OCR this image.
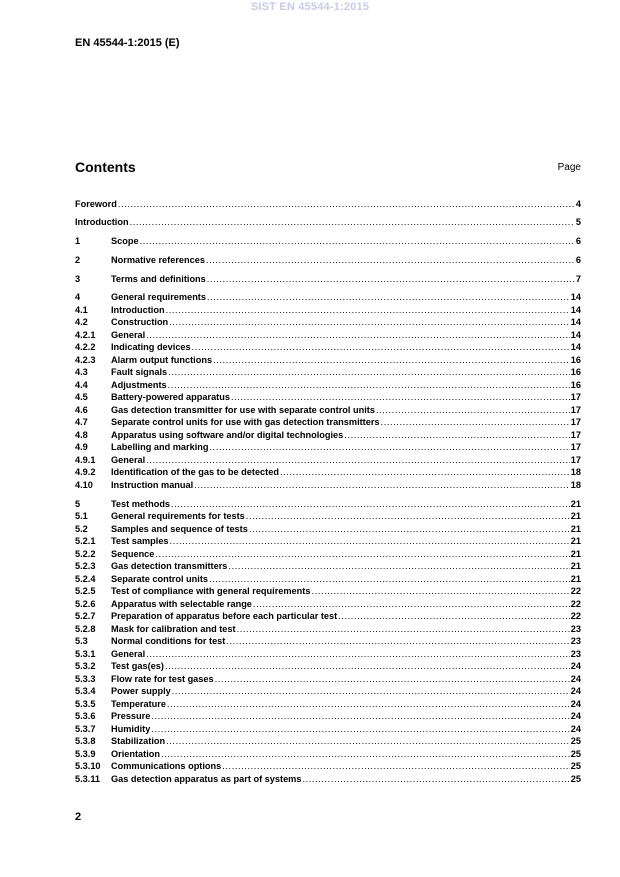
SIST EN 45544-1:2015
EN 45544-1:2015 (E)
Contents	Page
Foreword .....	4
Introduction .....	5
1	Scope .....	6
2	Normative references .....	6
3	Terms and definitions .....	7
4	General requirements .....	14
4.1	Introduction .....	14
4.2	Construction .....	14
4.2.1	General .....	14
4.2.2	Indicating devices .....	14
4.2.3	Alarm output functions .....	16
4.3	Fault signals .....	16
4.4	Adjustments .....	16
4.5	Battery-powered apparatus .....	17
4.6	Gas detection transmitter for use with separate control units .....	17
4.7	Separate control units for use with gas detection transmitters .....	17
4.8	Apparatus using software and/or digital technologies .....	17
4.9	Labelling and marking .....	17
4.9.1	General .....	17
4.9.2	Identification of the gas to be detected .....	18
4.10	Instruction manual .....	18
5	Test methods .....	21
5.1	General requirements for tests .....	21
5.2	Samples and sequence of tests .....	21
5.2.1	Test samples .....	21
5.2.2	Sequence .....	21
5.2.3	Gas detection transmitters .....	21
5.2.4	Separate control units .....	21
5.2.5	Test of compliance with general requirements .....	22
5.2.6	Apparatus with selectable range .....	22
5.2.7	Preparation of apparatus before each particular test .....	22
5.2.8	Mask for calibration and test .....	23
5.3	Normal conditions for test .....	23
5.3.1	General .....	23
5.3.2	Test gas(es) .....	24
5.3.3	Flow rate for test gases .....	24
5.3.4	Power supply .....	24
5.3.5	Temperature .....	24
5.3.6	Pressure .....	24
5.3.7	Humidity .....	24
5.3.8	Stabilization .....	25
5.3.9	Orientation .....	25
5.3.10	Communications options .....	25
5.3.11	Gas detection apparatus as part of systems .....	25
2
